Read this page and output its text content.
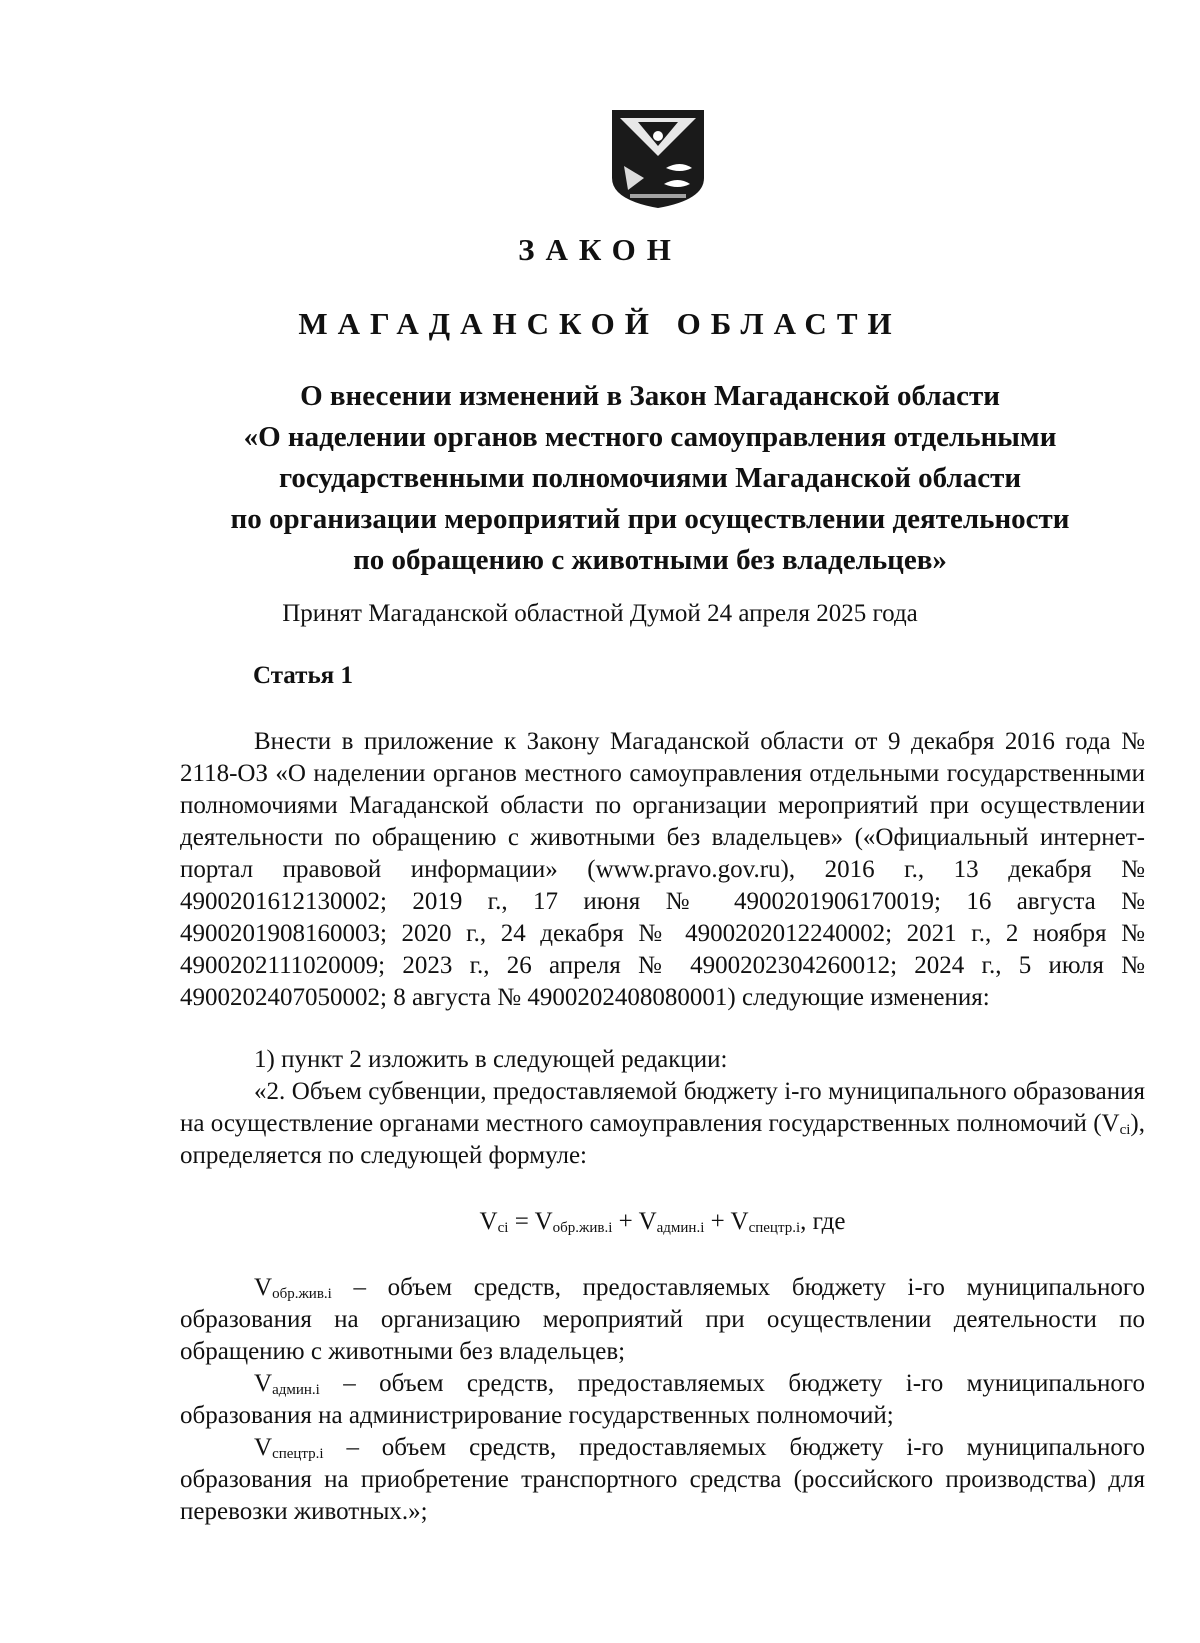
ЗАКОН
МАГАДАНСКОЙ ОБЛАСТИ

О внесении изменений в Закон Магаданской области
«О наделении органов местного самоуправления отдельными
государственными полномочиями Магаданской области
по организации мероприятий при осуществлении деятельности
по обращению с животными без владельцев»

Принят Магаданской областной Думой 24 апреля 2025 года

Статья 1

Внести в приложение к Закону Магаданской области от 9 декабря 2016 года № 2118-ОЗ «О наделении органов местного самоуправления отдельными государственными полномочиями Магаданской области по организации мероприятий при осуществлении деятельности по обращению с животными без владельцев» («Официальный интернет-портал правовой информации» (www.pravo.gov.ru), 2016 г., 13 декабря № 4900201612130002; 2019 г., 17 июня № 4900201906170019; 16 августа № 4900201908160003; 2020 г., 24 декабря № 4900202012240002; 2021 г., 2 ноября № 4900202111020009; 2023 г., 26 апреля № 4900202304260012; 2024 г., 5 июля № 4900202407050002; 8 августа № 4900202408080001) следующие изменения:

1) пункт 2 изложить в следующей редакции:

«2. Объем субвенции, предоставляемой бюджету i-го муниципального образования на осуществление органами местного самоуправления государственных полномочий $(V_{ci})$, определяется по следующей формуле:

$V_{ci} = V_{обр.жив.i} + V_{админ.i} + V_{спецтр.i}$, где

$V_{обр.жив.i}$ – объем средств, предоставляемых бюджету i-го муниципального образования на организацию мероприятий при осуществлении деятельности по обращению с животными без владельцев;

$V_{админ.i}$ – объем средств, предоставляемых бюджету i-го муниципального образования на администрирование государственных полномочий;

$V_{спецтр.i}$ – объем средств, предоставляемых бюджету i-го муниципального образования на приобретение транспортного средства (российского производства) для перевозки животных.»;
